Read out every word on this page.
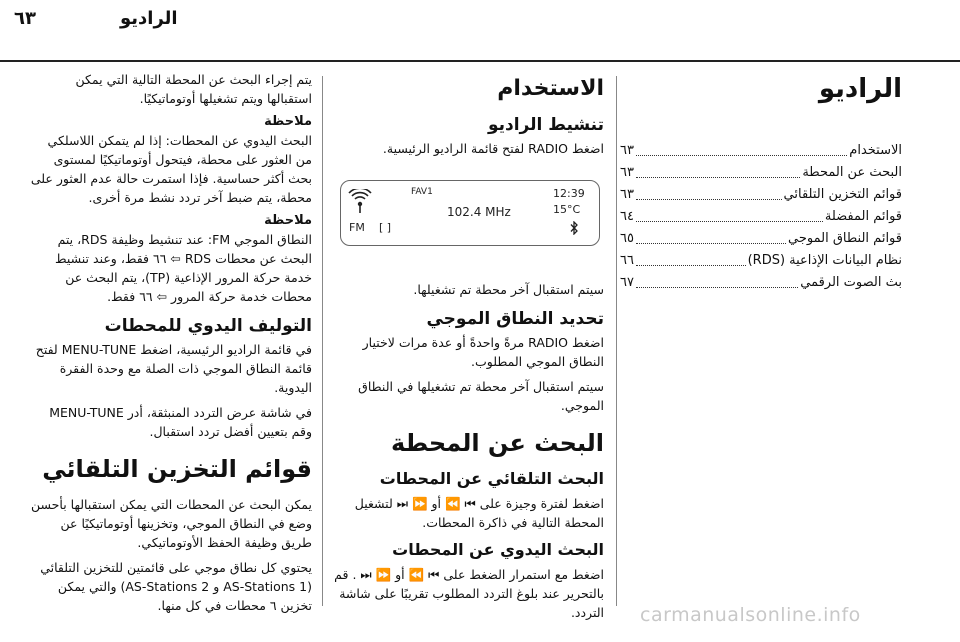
٦٣	الراديو
الراديو
الاستخدام
٦٣
البحث عن المحطة
٦٣
قوائم التخزين التلقائي
٦٣
قوائم المفضلة
٦٤
قوائم النطاق الموجي
٦٥
نظام البيانات الإذاعية (RDS)
٦٦
بث الصوت الرقمي
٦٧
الاستخدام
تنشيط الراديو

اضغط RADIO لفتح قائمة الراديو الرئيسية.

FM [ ]
FAV1
102.4 MHz
12:39
15°C

سيتم استقبال آخر محطة تم تشغيلها.

تحديد النطاق الموجي

اضغط RADIO مرةً واحدةً أو عدة مرات لاختيار النطاق الموجي المطلوب.

سيتم استقبال آخر محطة تم تشغيلها في النطاق الموجي.

البحث عن المحطة
البحث التلقائي عن المحطات

اضغط لفترة وجيزة على ⏮ ⏪ أو ⏩ ⏭ لتشغيل المحطة التالية في ذاكرة المحطات.

البحث اليدوي عن المحطات

اضغط مع استمرار الضغط على ⏮ ⏪ أو ⏩ ⏭ . قم بالتحرير عند بلوغ التردد المطلوب تقريبًا على شاشة التردد.

يتم إجراء البحث عن المحطة التالية التي يمكن استقبالها ويتم تشغيلها أوتوماتيكيًا.

ملاحظة

البحث اليدوي عن المحطات: إذا لم يتمكن اللاسلكي من العثور على محطة، فيتحول أوتوماتيكيًا لمستوى بحث أكثر حساسية. فإذا استمرت حالة عدم العثور على محطة، يتم ضبط آخر تردد نشط مرة أخرى.

ملاحظة

النطاق الموجي FM: عند تنشيط وظيفة RDS، يتم البحث عن محطات RDS ⇦ ٦٦ فقط، وعند تنشيط خدمة حركة المرور الإذاعية (TP)، يتم البحث عن محطات خدمة حركة المرور ⇦ ٦٦ فقط.

التوليف اليدوي للمحطات

في قائمة الراديو الرئيسية، اضغط MENU-TUNE لفتح قائمة النطاق الموجي ذات الصلة مع وحدة الفقرة اليدوية.

في شاشة عرض التردد المنبثقة، أدر MENU-TUNE وقم بتعيين أفضل تردد استقبال.

قوائم التخزين التلقائي

يمكن البحث عن المحطات التي يمكن استقبالها بأحسن وضع في النطاق الموجي، وتخزينها أوتوماتيكيًا عن طريق وظيفة الحفظ الأوتوماتيكي.

يحتوي كل نطاق موجي على قائمتين للتخزين التلقائي (AS-Stations 1 و AS-Stations 2) والتي يمكن تخزين ٦ محطات في كل منها.	carmanualsonline.info
